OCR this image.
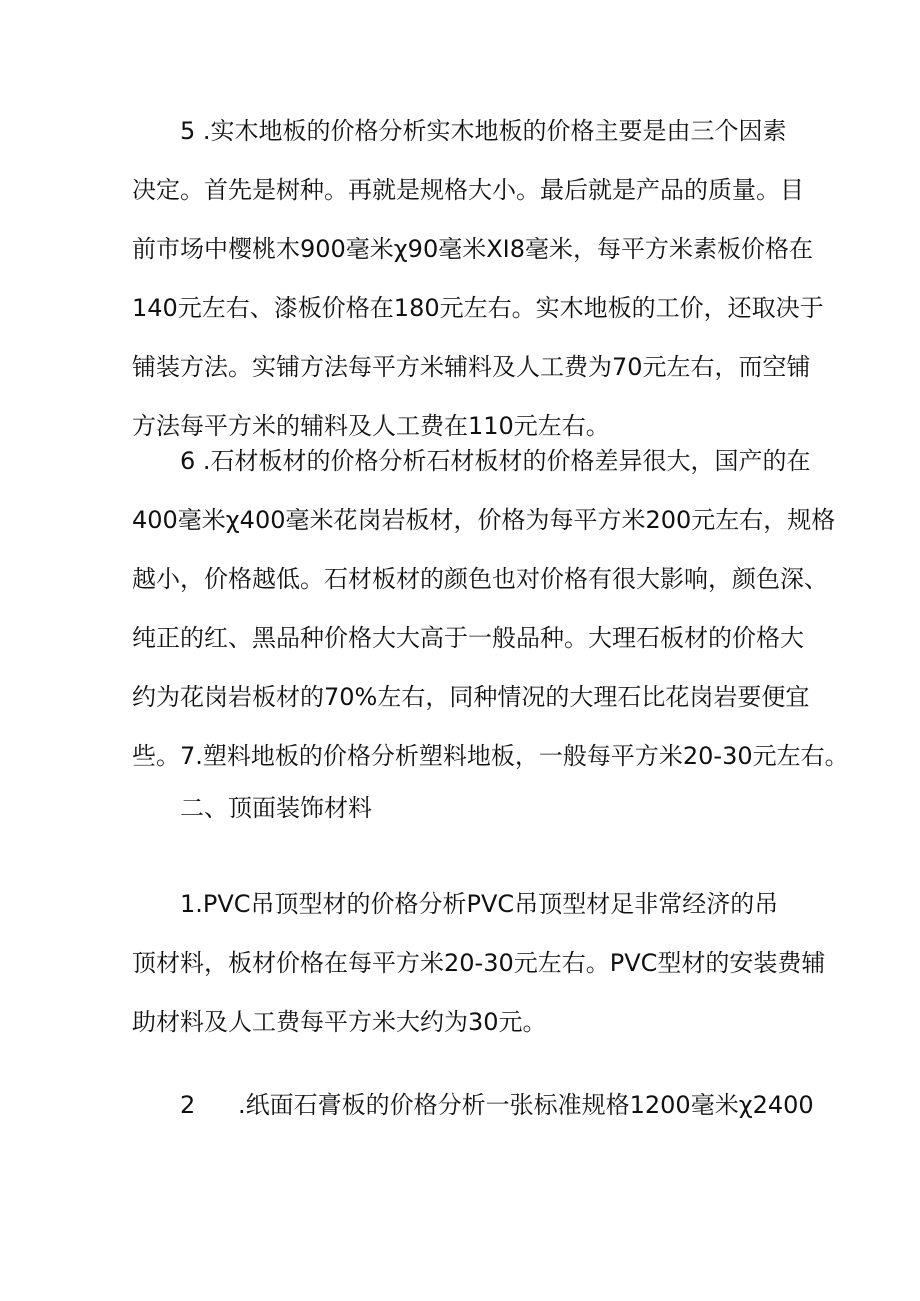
5 .实木地板的价格分析实木地板的价格主要是由三个因素
决定。首先是树种。再就是规格大小。最后就是产品的质量。目
前市场中樱桃木900毫米χ90毫米XI8毫米，每平方米素板价格在
140元左右、漆板价格在180元左右。实木地板的工价，还取决于
铺装方法。实铺方法每平方米辅料及人工费为70元左右，而空铺
方法每平方米的辅料及人工费在110元左右。
6 .石材板材的价格分析石材板材的价格差异很大，国产的在
400毫米χ400毫米花岗岩板材，价格为每平方米200元左右，规格
越小，价格越低。石材板材的颜色也对价格有很大影响，颜色深、
纯正的红、黑品种价格大大高于一般品种。大理石板材的价格大
约为花岗岩板材的70%左右，同种情况的大理石比花岗岩要便宜
些。7.塑料地板的价格分析塑料地板，一般每平方米20-30元左右。
二、顶面装饰材料
1.PVC吊顶型材的价格分析PVC吊顶型材足非常经济的吊
顶材料，板材价格在每平方米20-30元左右。PVC型材的安装费辅
助材料及人工费每平方米大约为30元。
2 .纸面石膏板的价格分析一张标准规格1200毫米χ2400
